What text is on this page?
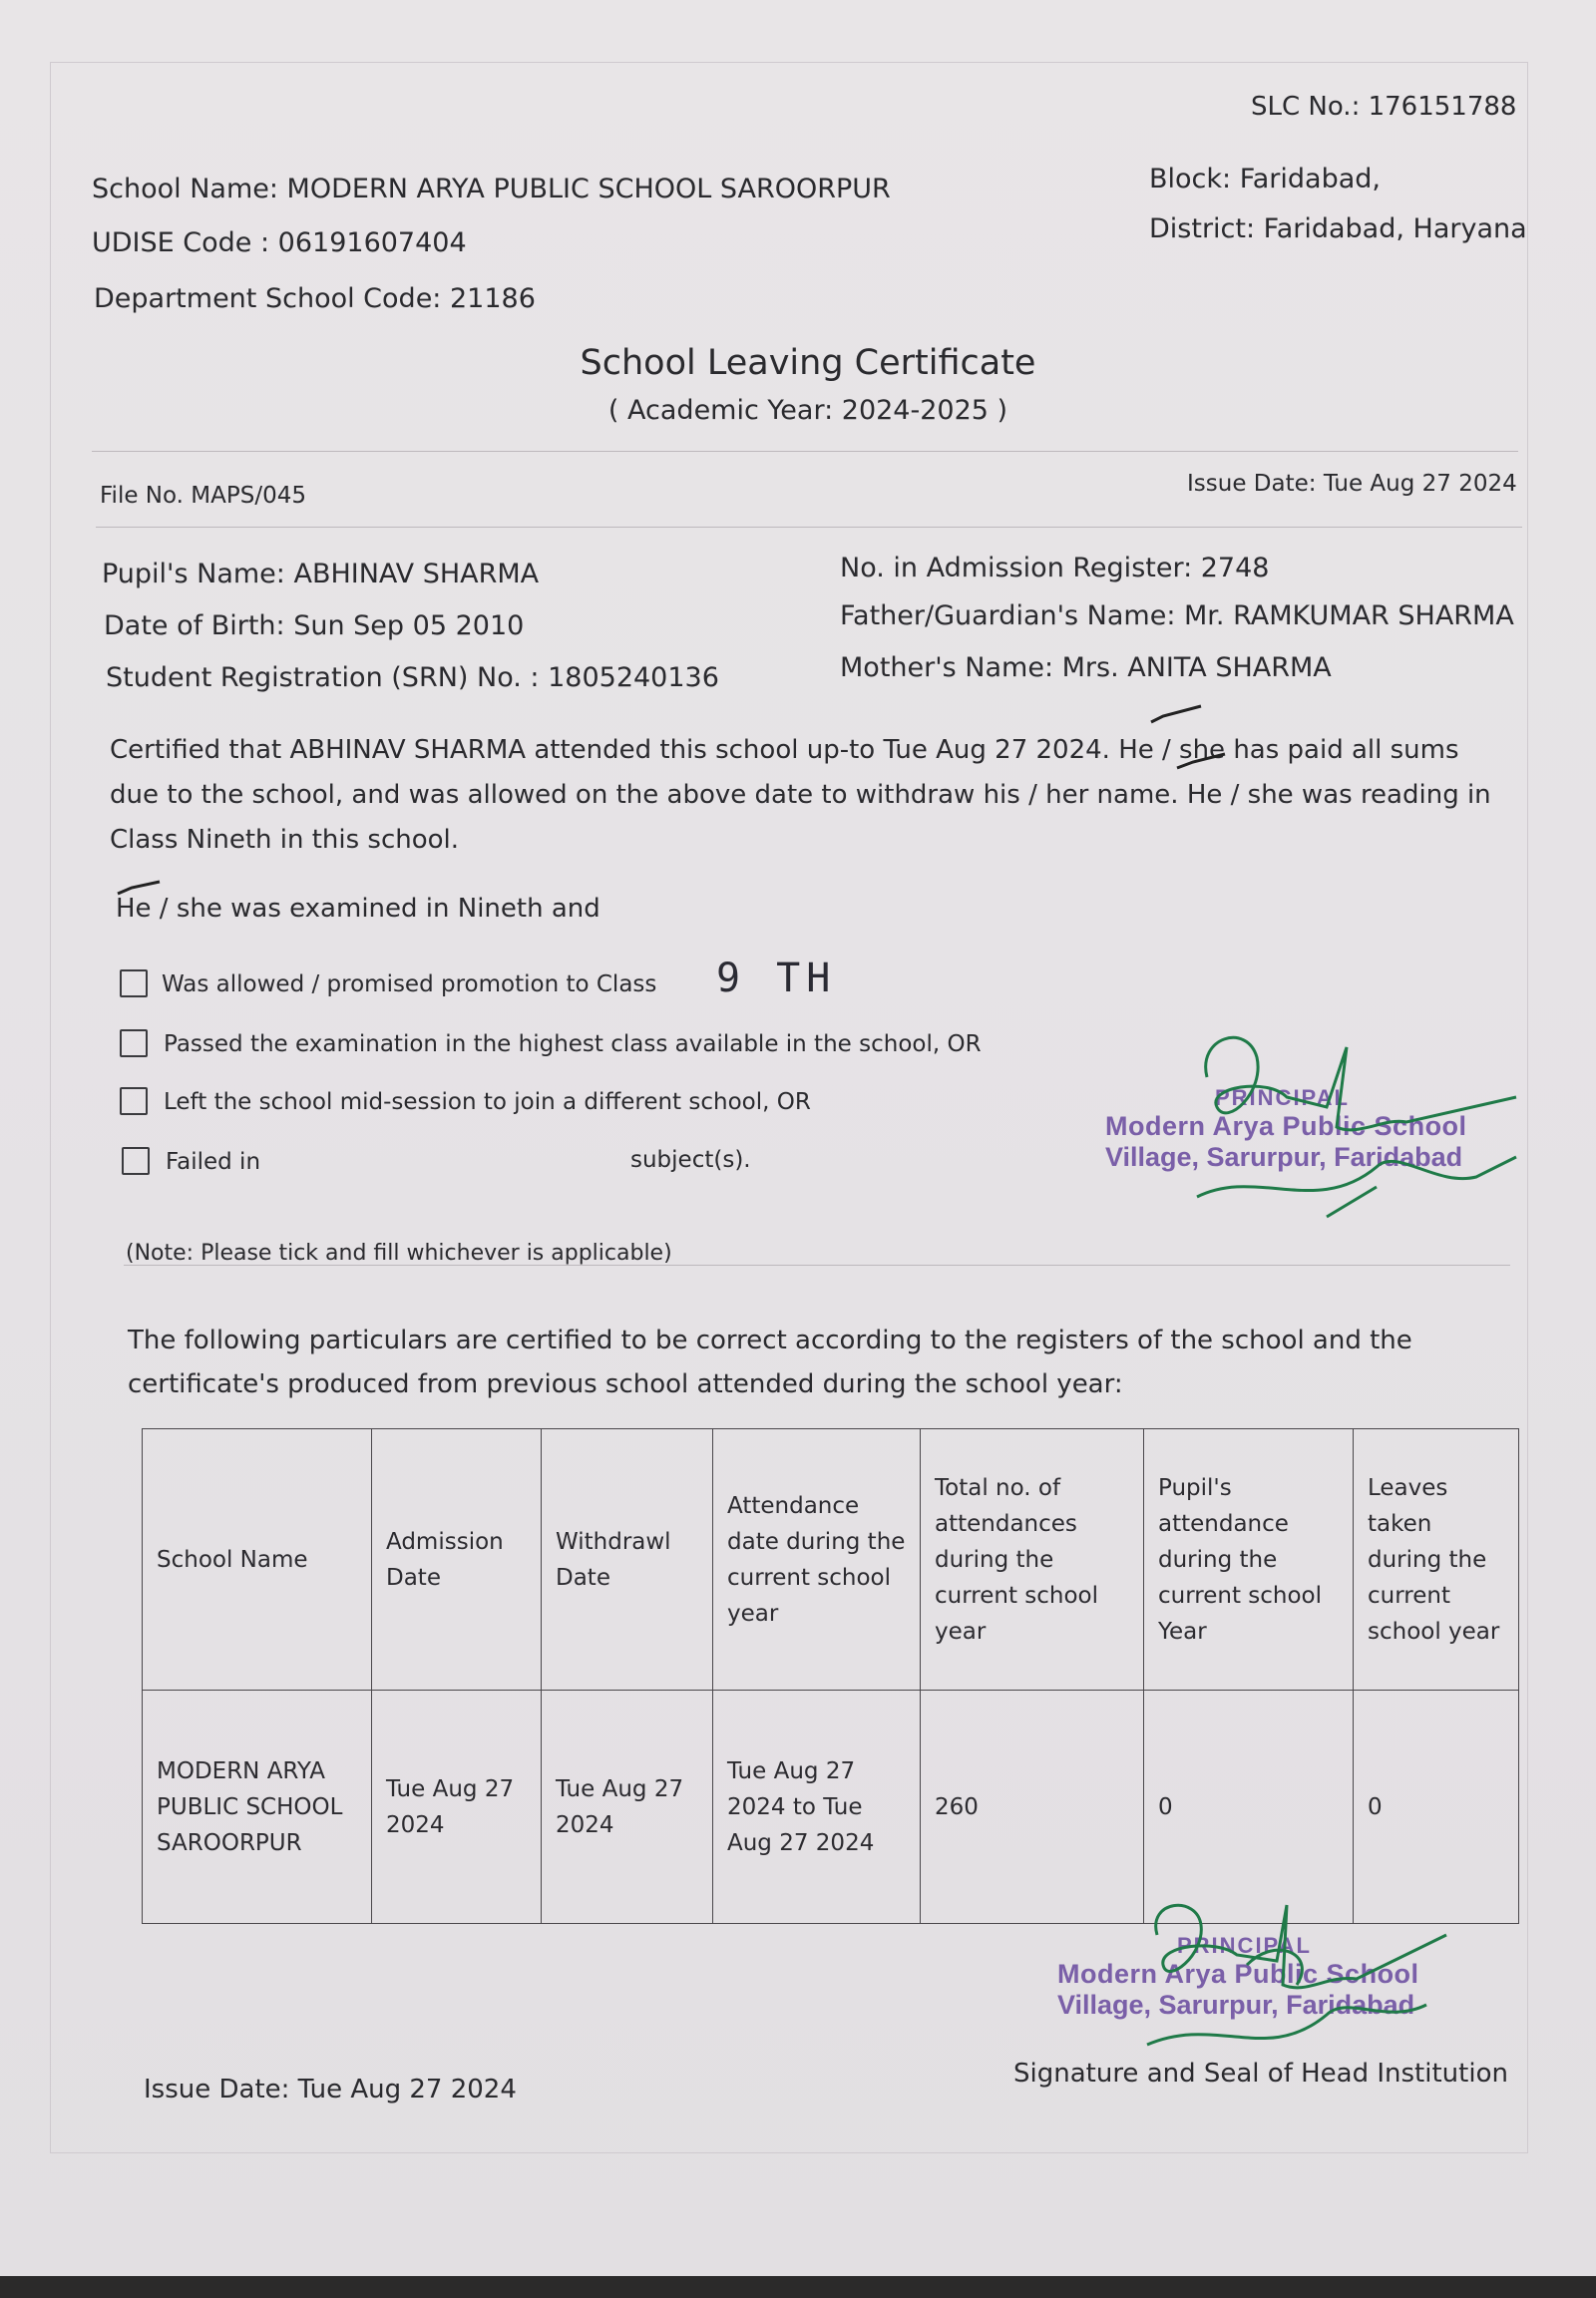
SLC No.: 176151788
School Name: MODERN ARYA PUBLIC SCHOOL SAROORPUR
UDISE Code : 06191607404
Department School Code: 21186
Block: Faridabad,
District: Faridabad, Haryana
School Leaving Certificate
( Academic Year: 2024-2025 )
File No. MAPS/045	Issue Date: Tue Aug 27 2024
Pupil's Name: ABHINAV SHARMA
Date of Birth: Sun Sep 05 2010
Student Registration (SRN) No. : 1805240136
No. in Admission Register: 2748
Father/Guardian's Name: Mr. RAMKUMAR SHARMA
Mother's Name: Mrs. ANITA SHARMA
Certified that ABHINAV SHARMA attended this school up-to Tue Aug 27 2024. He / she has paid all sums due to the school, and was allowed on the above date to withdraw his / her name. He / she was reading in Class Nineth in this school.
He / she was examined in Nineth and
Was allowed / promised promotion to Class 9 TH
Passed the examination in the highest class available in the school, OR
Left the school mid-session to join a different school, OR
Failed in	subject(s).
PRINCIPAL
Modern Arya Public School
Village, Sarurpur, Faridabad
(Note: Please tick and fill whichever is applicable)
The following particulars are certified to be correct according to the registers of the school and the certificate's produced from previous school attended during the school year:
School Name	Admission Date	Withdrawl Date	Attendance date during the current school year	Total no. of attendances during the current school year	Pupil's attendance during the current school Year	Leaves taken during the current school year
MODERN ARYA PUBLIC SCHOOL SAROORPUR	Tue Aug 27 2024	Tue Aug 27 2024	Tue Aug 27 2024 to Tue Aug 27 2024	260	0	0
PRINCIPAL
Modern Arya Public School
Village, Sarurpur, Faridabad
Signature and Seal of Head Institution
Issue Date: Tue Aug 27 2024
